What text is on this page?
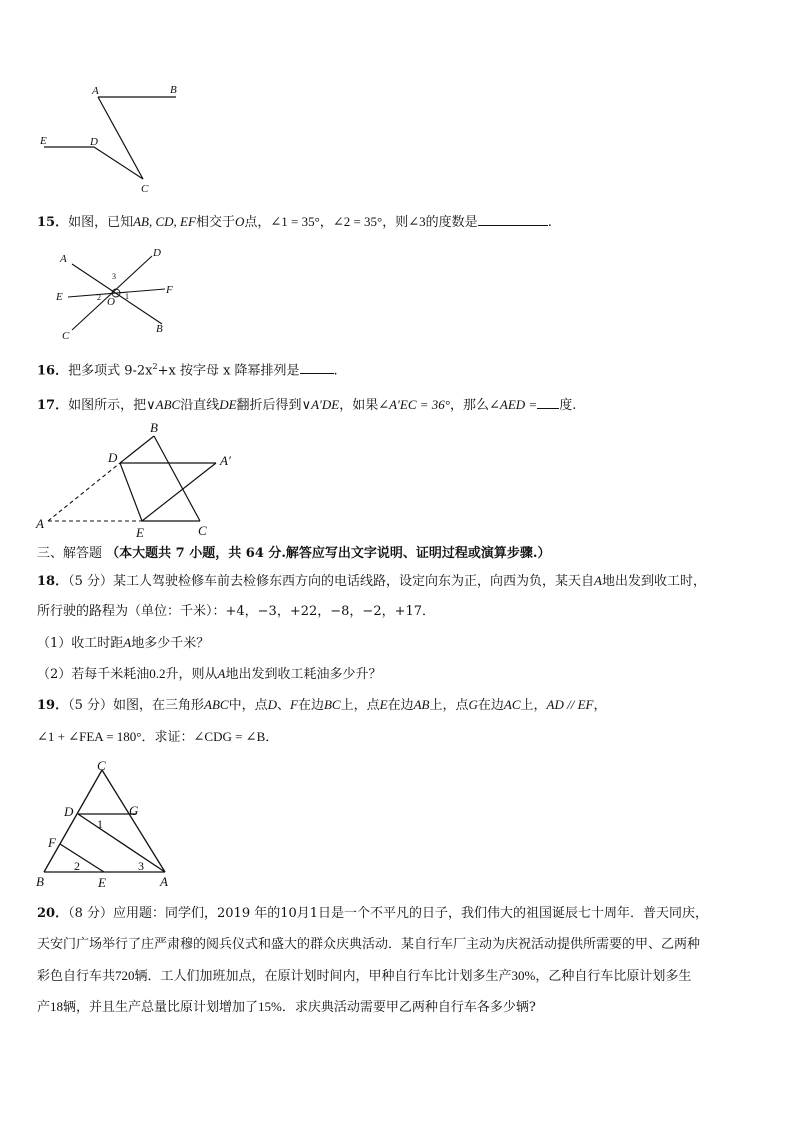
A	B
E	D
C
15．如图，已知AB, CD, EF相交于O点，∠1 = 35°，∠2 = 35°，则∠3的度数是	.
A	D
E
F
O
C
B
3
2	1
16．把多项式 $9-2x^2+x$ 按字母 x 降幂排列是	.
17．如图所示，把∨ABC沿直线DE翻折后得到∨A′DE，如果∠A′EC = 36°，那么∠AED = 度.
B
D	A′
A
E	C
三、解答题 （本大题共 7 小题，共 64 分.解答应写出文字说明、证明过程或演算步骤.）
18．（5 分）某工人驾驶检修车前去检修东西方向的电话线路，设定向东为正，向西为负，某天自A地出发到收工时，
所行驶的路程为（单位：千米）：+4，−3，+22，−8，−2，+17．
（1）收工时距A地多少千米？
（2）若每千米耗油0.2升，则从A地出发到收工耗油多少升？
19．（5 分）如图，在三角形ABC中，点D、F在边BC上，点E在边AB上，点G在边AC上，AD // EF，
∠1 + ∠FEA = 180°．求证：∠CDG = ∠B．
C
D	G
F
B	E	A
1
2	3
20．（8 分）应用题：同学们，2019 年的10月1日是一个不平凡的日子，我们伟大的祖国诞辰七十周年．普天同庆，
天安门广场举行了庄严肃穆的阅兵仪式和盛大的群众庆典活动．某自行车厂主动为庆祝活动提供所需要的甲、乙两种
彩色自行车共720辆．工人们加班加点，在原计划时间内，甲种自行车比计划多生产30%，乙种自行车比原计划多生
产18辆，并且生产总量比原计划增加了15%．求庆典活动需要甲乙两种自行车各多少辆?
